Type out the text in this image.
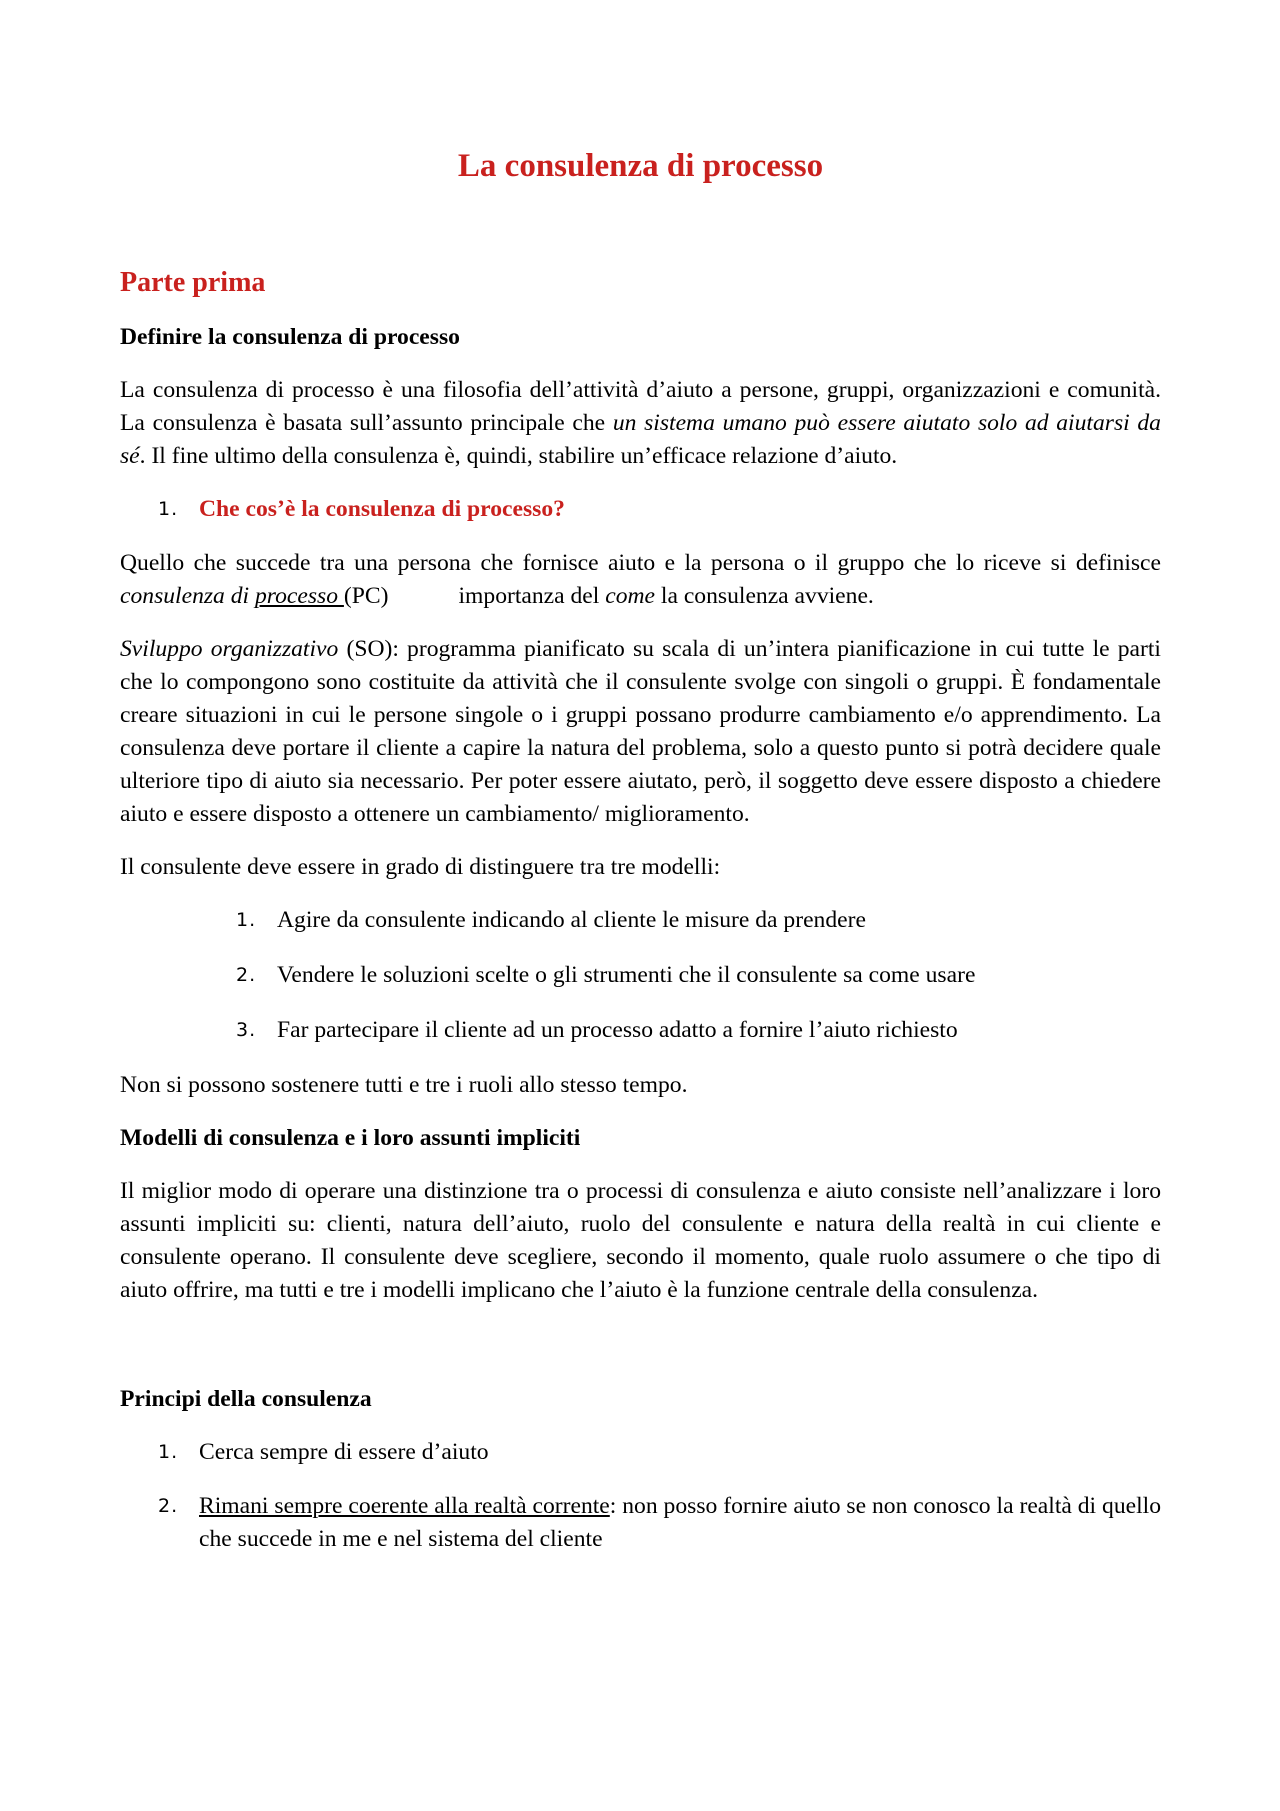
La consulenza di processo
Parte prima
Definire la consulenza di processo

La consulenza di processo è una filosofia dell’attività d’aiuto a persone, gruppi, organizzazioni e comunità. La consulenza è basata sull’assunto principale che un sistema umano può essere aiutato solo ad aiutarsi da sé. Il fine ultimo della consulenza è, quindi, stabilire un’efficace relazione d’aiuto.

1. Che cos’è la consulenza di processo?

Quello che succede tra una persona che fornisce aiuto e la persona o il gruppo che lo riceve si definisce consulenza di processo (PC)	importanza del come la consulenza avviene.

Sviluppo organizzativo (SO): programma pianificato su scala di un’intera pianificazione in cui tutte le parti che lo compongono sono costituite da attività che il consulente svolge con singoli o gruppi. È fondamentale creare situazioni in cui le persone singole o i gruppi possano produrre cambiamento e/o apprendimento. La consulenza deve portare il cliente a capire la natura del problema, solo a questo punto si potrà decidere quale ulteriore tipo di aiuto sia necessario. Per poter essere aiutato, però, il soggetto deve essere disposto a chiedere aiuto e essere disposto a ottenere un cambiamento/ miglioramento.

Il consulente deve essere in grado di distinguere tra tre modelli:

1. Agire da consulente indicando al cliente le misure da prendere
2. Vendere le soluzioni scelte o gli strumenti che il consulente sa come usare
3. Far partecipare il cliente ad un processo adatto a fornire l’aiuto richiesto

Non si possono sostenere tutti e tre i ruoli allo stesso tempo.

Modelli di consulenza e i loro assunti impliciti

Il miglior modo di operare una distinzione tra o processi di consulenza e aiuto consiste nell’analizzare i loro assunti impliciti su: clienti, natura dell’aiuto, ruolo del consulente e natura della realtà in cui cliente e consulente operano. Il consulente deve scegliere, secondo il momento, quale ruolo assumere o che tipo di aiuto offrire, ma tutti e tre i modelli implicano che l’aiuto è la funzione centrale della consulenza.

Principi della consulenza
1. Cerca sempre di essere d’aiuto
2. Rimani sempre coerente alla realtà corrente: non posso fornire aiuto se non conosco la realtà di quello che succede in me e nel sistema del cliente
